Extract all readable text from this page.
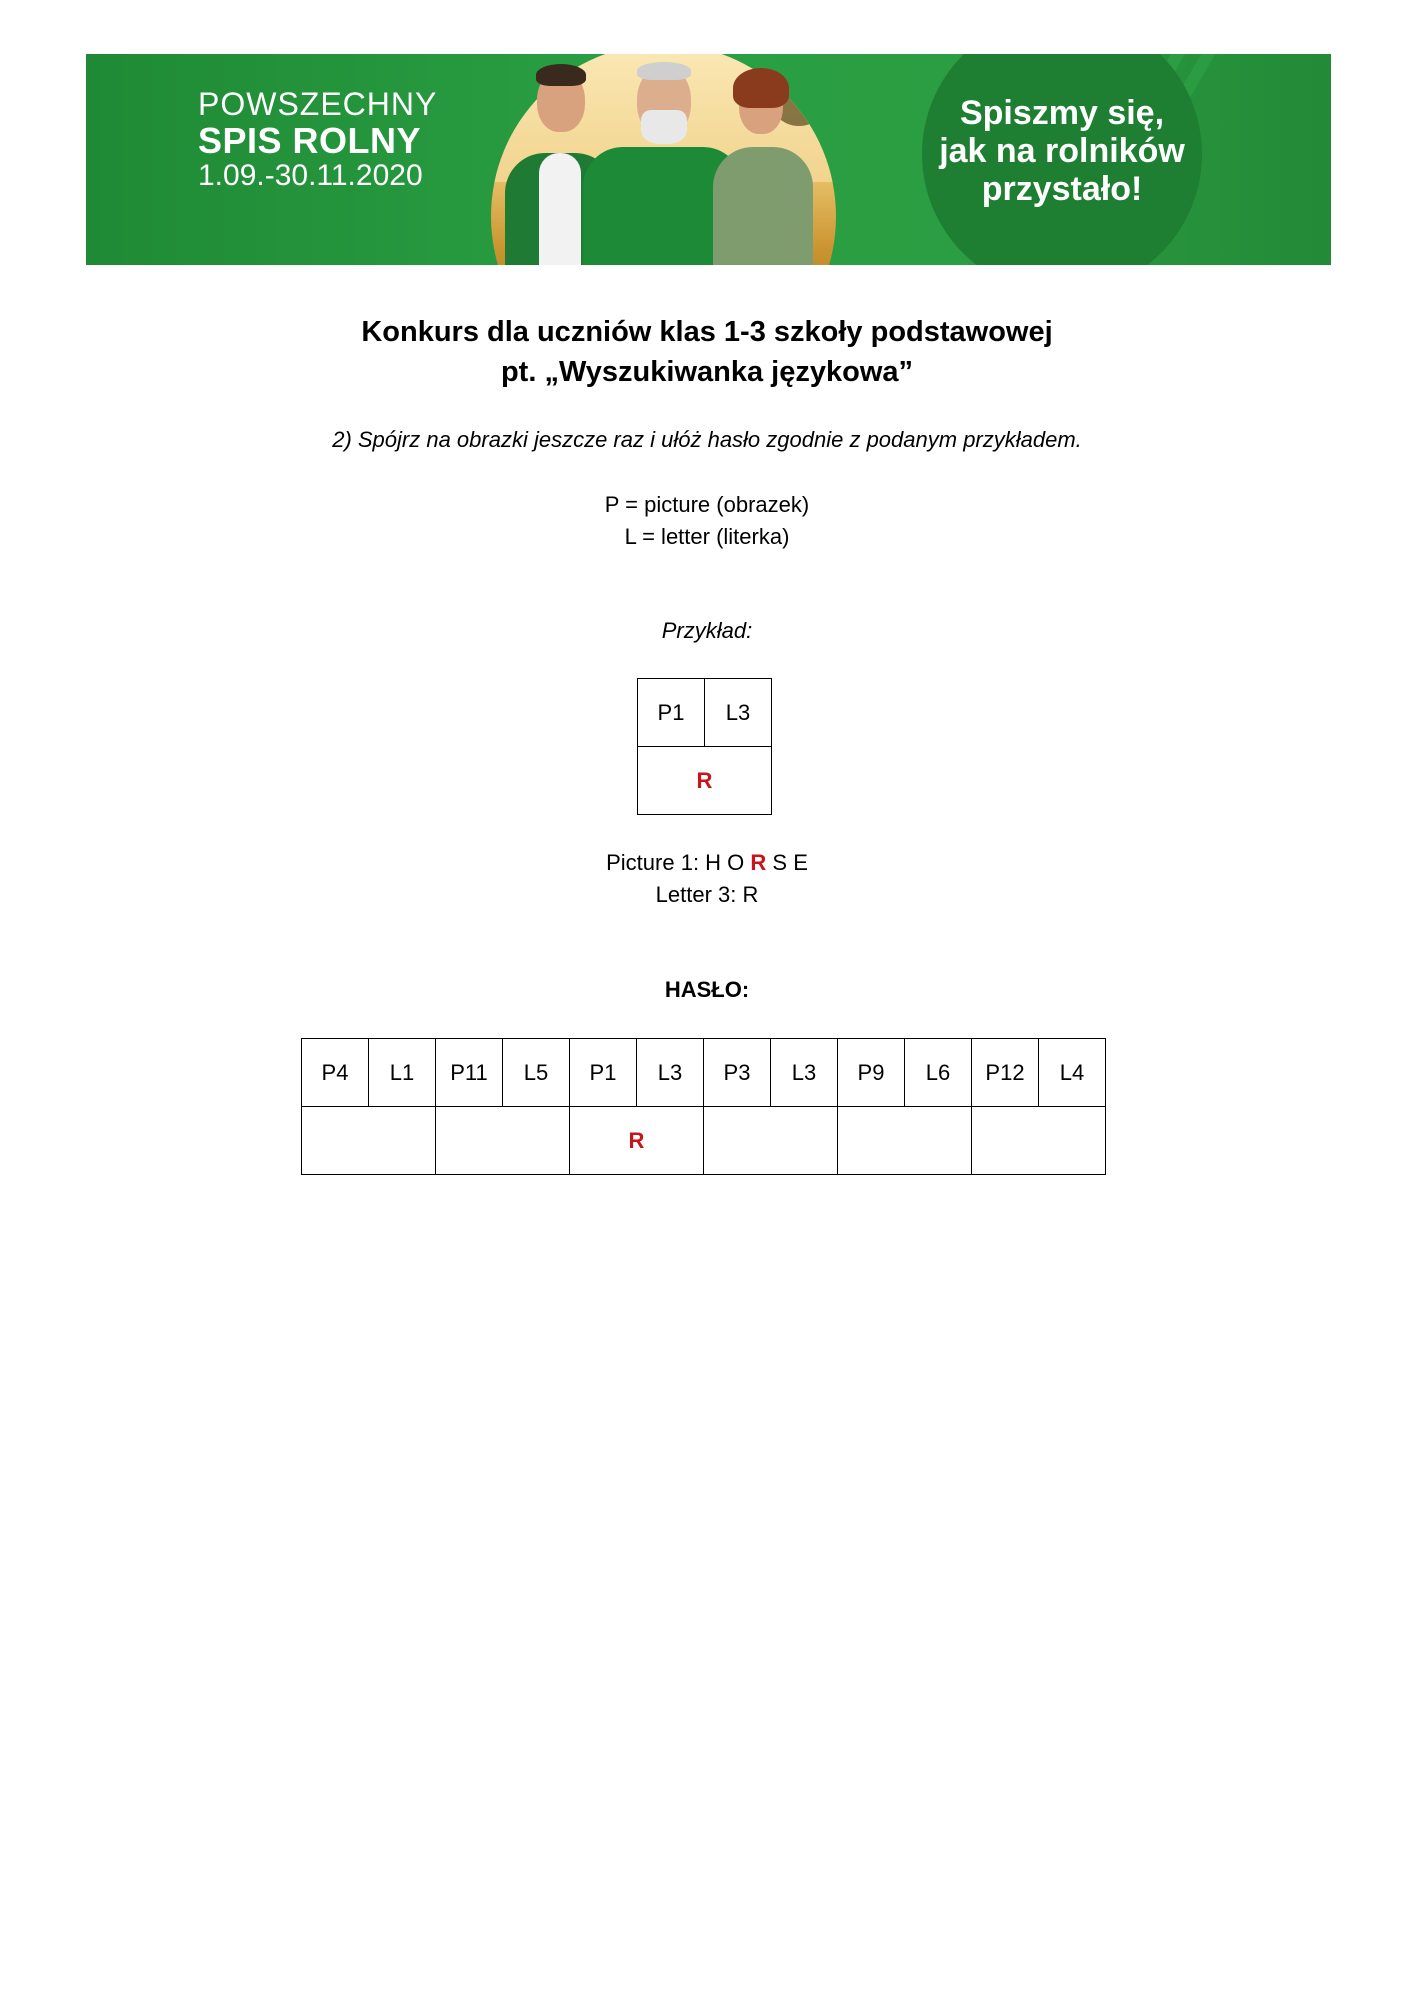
POWSZECHNY
SPIS ROLNY
1.09.-30.11.2020
Spiszmy się,
jak na rolników
przystało!
Konkurs dla uczniów klas 1-3 szkoły podstawowej
pt. „Wyszukiwanka językowa”
2) Spójrz na obrazki jeszcze raz i ułóż hasło zgodnie z podanym przykładem.
P = picture (obrazek)
L = letter (literka)
Przykład:
P1	L3
R
Picture 1: H O R S E
Letter 3: R
HASŁO:
P4	L1	P11	L5	P1	L3	P3	L3	P9	L6	P12	L4
				R							
